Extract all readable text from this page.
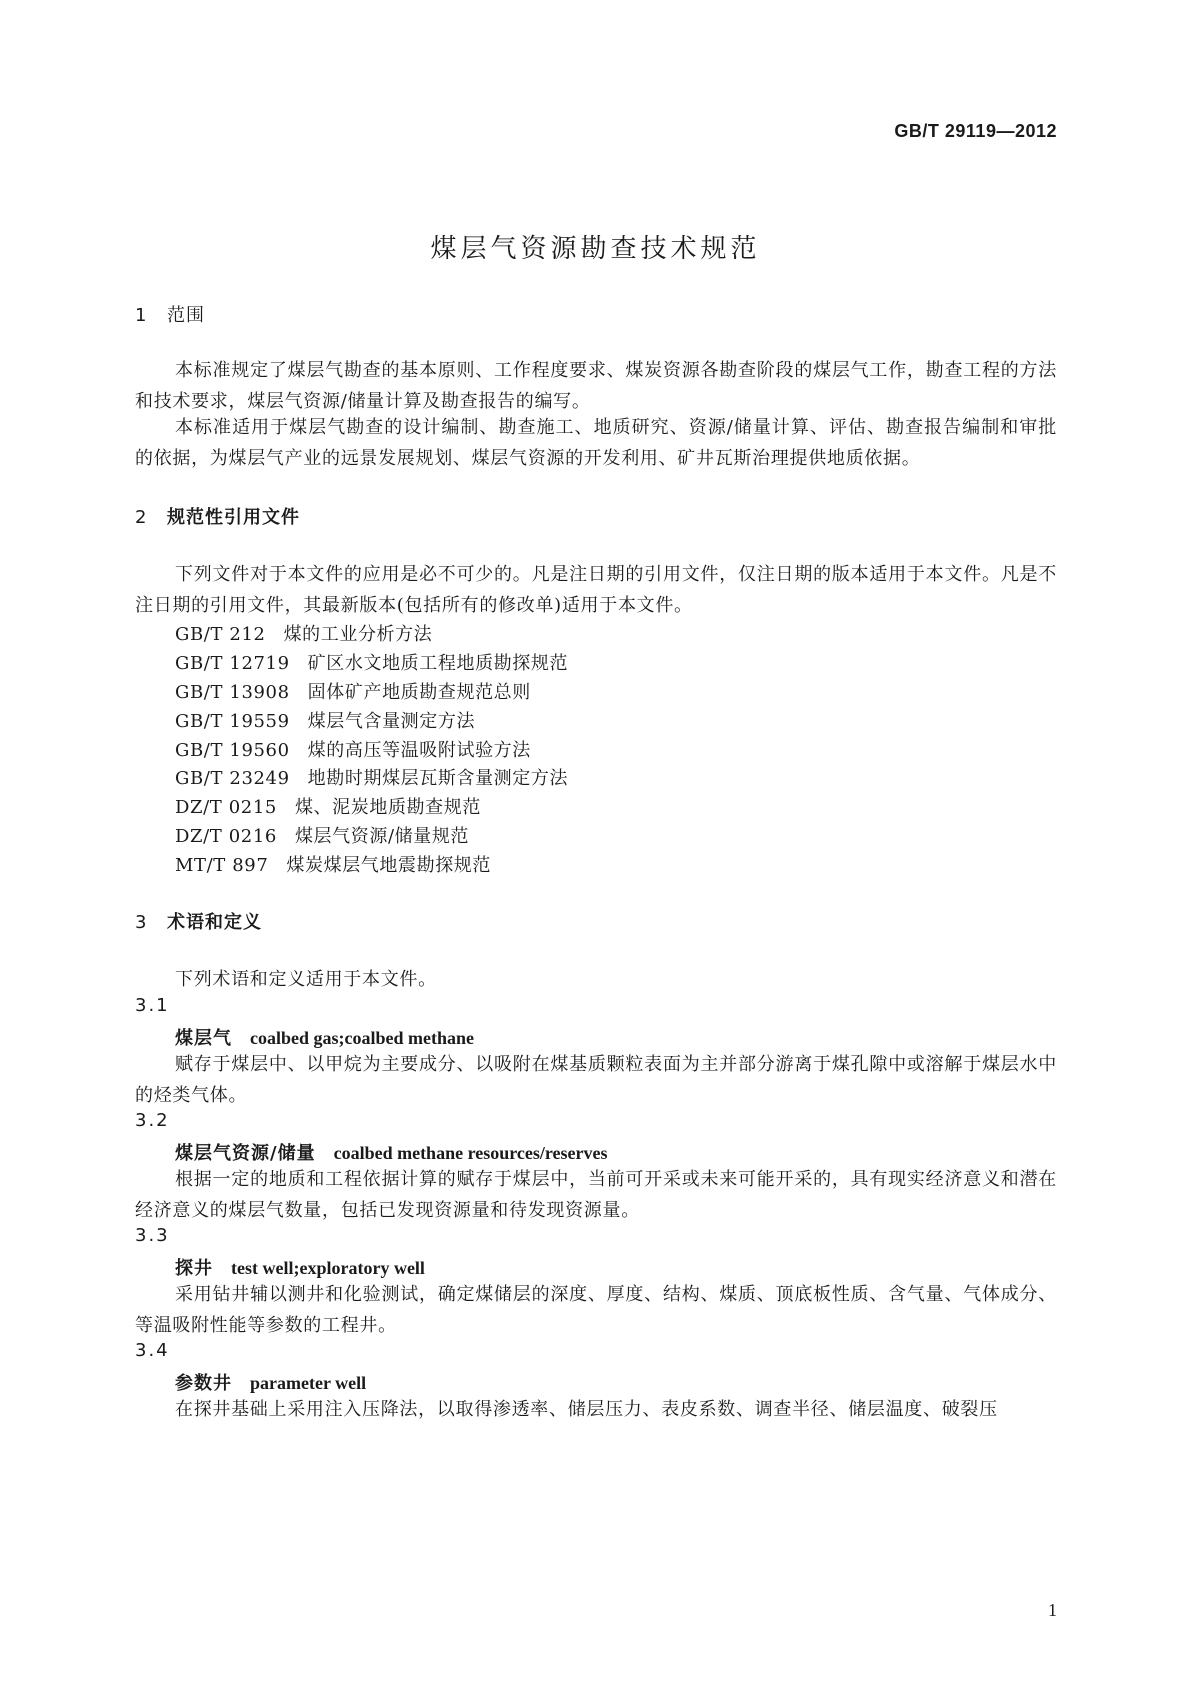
GB/T 29119—2012
煤层气资源勘查技术规范
1 范围
本标准规定了煤层气勘查的基本原则、工作程度要求、煤炭资源各勘查阶段的煤层气工作，勘查工程的方法和技术要求，煤层气资源/储量计算及勘查报告的编写。
本标准适用于煤层气勘查的设计编制、勘查施工、地质研究、资源/储量计算、评估、勘查报告编制和审批的依据，为煤层气产业的远景发展规划、煤层气资源的开发利用、矿井瓦斯治理提供地质依据。
2 规范性引用文件
下列文件对于本文件的应用是必不可少的。凡是注日期的引用文件，仅注日期的版本适用于本文件。凡是不注日期的引用文件，其最新版本(包括所有的修改单)适用于本文件。
GB/T 212 煤的工业分析方法
GB/T 12719 矿区水文地质工程地质勘探规范
GB/T 13908 固体矿产地质勘查规范总则
GB/T 19559 煤层气含量测定方法
GB/T 19560 煤的高压等温吸附试验方法
GB/T 23249 地勘时期煤层瓦斯含量测定方法
DZ/T 0215 煤、泥炭地质勘查规范
DZ/T 0216 煤层气资源/储量规范
MT/T 897 煤炭煤层气地震勘探规范
3 术语和定义
下列术语和定义适用于本文件。
3.1
煤层气 coalbed gas;coalbed methane
赋存于煤层中、以甲烷为主要成分、以吸附在煤基质颗粒表面为主并部分游离于煤孔隙中或溶解于煤层水中的烃类气体。
3.2
煤层气资源/储量 coalbed methane resources/reserves
根据一定的地质和工程依据计算的赋存于煤层中，当前可开采或未来可能开采的，具有现实经济意义和潜在经济意义的煤层气数量，包括已发现资源量和待发现资源量。
3.3
探井 test well;exploratory well
采用钻井辅以测井和化验测试，确定煤储层的深度、厚度、结构、煤质、顶底板性质、含气量、气体成分、等温吸附性能等参数的工程井。
3.4
参数井 parameter well
在探井基础上采用注入压降法，以取得渗透率、储层压力、表皮系数、调查半径、储层温度、破裂压
1
